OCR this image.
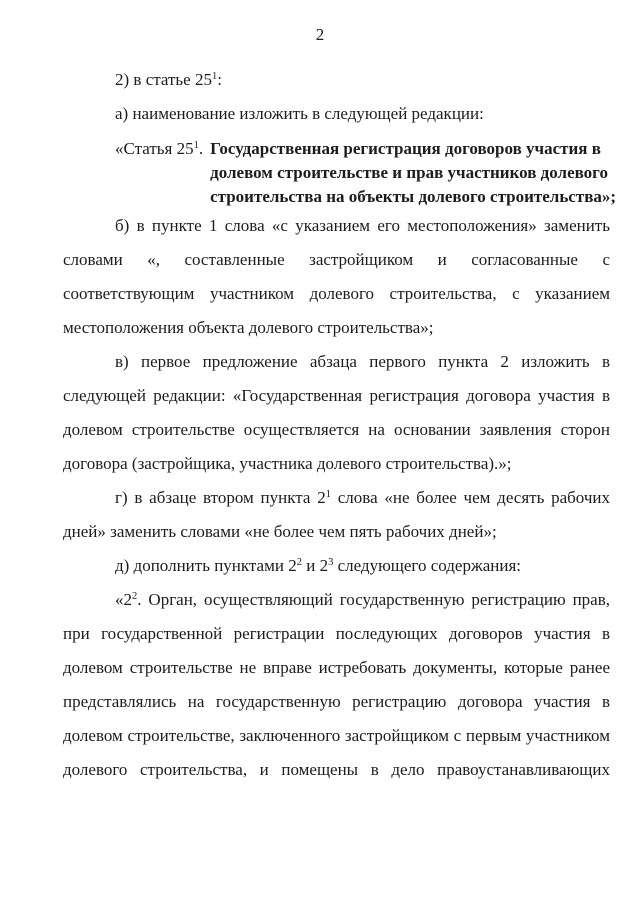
2

2) в статье $25^1$:

а) наименование изложить в следующей редакции:

«Статья $25^1$. Государственная регистрация договоров участия в
долевом строительстве и прав участников долевого
строительства на объекты долевого строительства»;

б) в пункте 1 слова «с указанием его местоположения» заменить
словами «, составленные застройщиком и согласованные с
соответствующим участником долевого строительства, с указанием
местоположения объекта долевого строительства»;

в) первое предложение абзаца первого пункта 2 изложить в
следующей редакции: «Государственная регистрация договора участия в
долевом строительстве осуществляется на основании заявления сторон
договора (застройщика, участника долевого строительства).»;

г) в абзаце втором пункта $2^1$ слова «не более чем десять рабочих
дней» заменить словами «не более чем пять рабочих дней»;

д) дополнить пунктами $2^2$ и $2^3$ следующего содержания:

«$2^2$. Орган, осуществляющий государственную регистрацию прав,
при государственной регистрации последующих договоров участия в
долевом строительстве не вправе истребовать документы, которые ранее
представлялись на государственную регистрацию договора участия в
долевом строительстве, заключенного застройщиком с первым участником
долевого строительства, и помещены в дело правоустанавливающих
